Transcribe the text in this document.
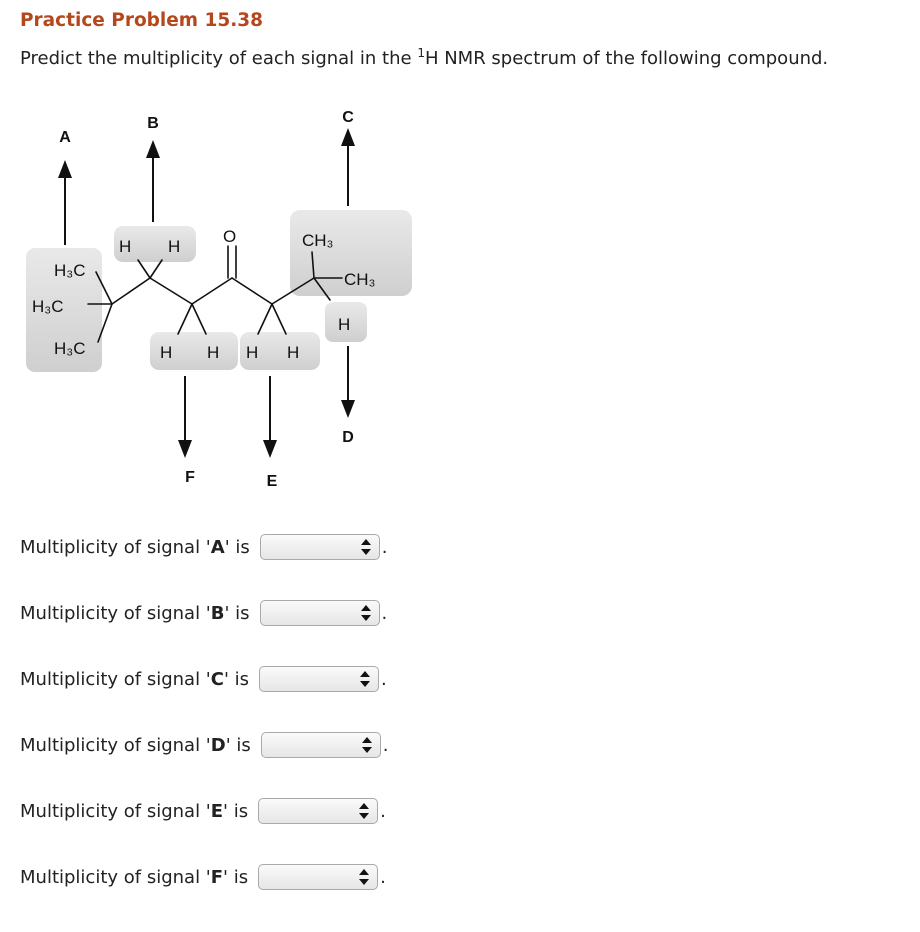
Practice Problem 15.38
Predict the multiplicity of each signal in the $^1$H NMR spectrum of the following compound.
A
B	C
D
F	E
O
H H
H₃C
H₃C
H₃C
CH₃
CH₃
H
H H H H
Multiplicity of signal 'A' is	.
Multiplicity of signal 'B' is	.
Multiplicity of signal 'C' is	.
Multiplicity of signal 'D' is	.
Multiplicity of signal 'E' is	.
Multiplicity of signal 'F' is	.
